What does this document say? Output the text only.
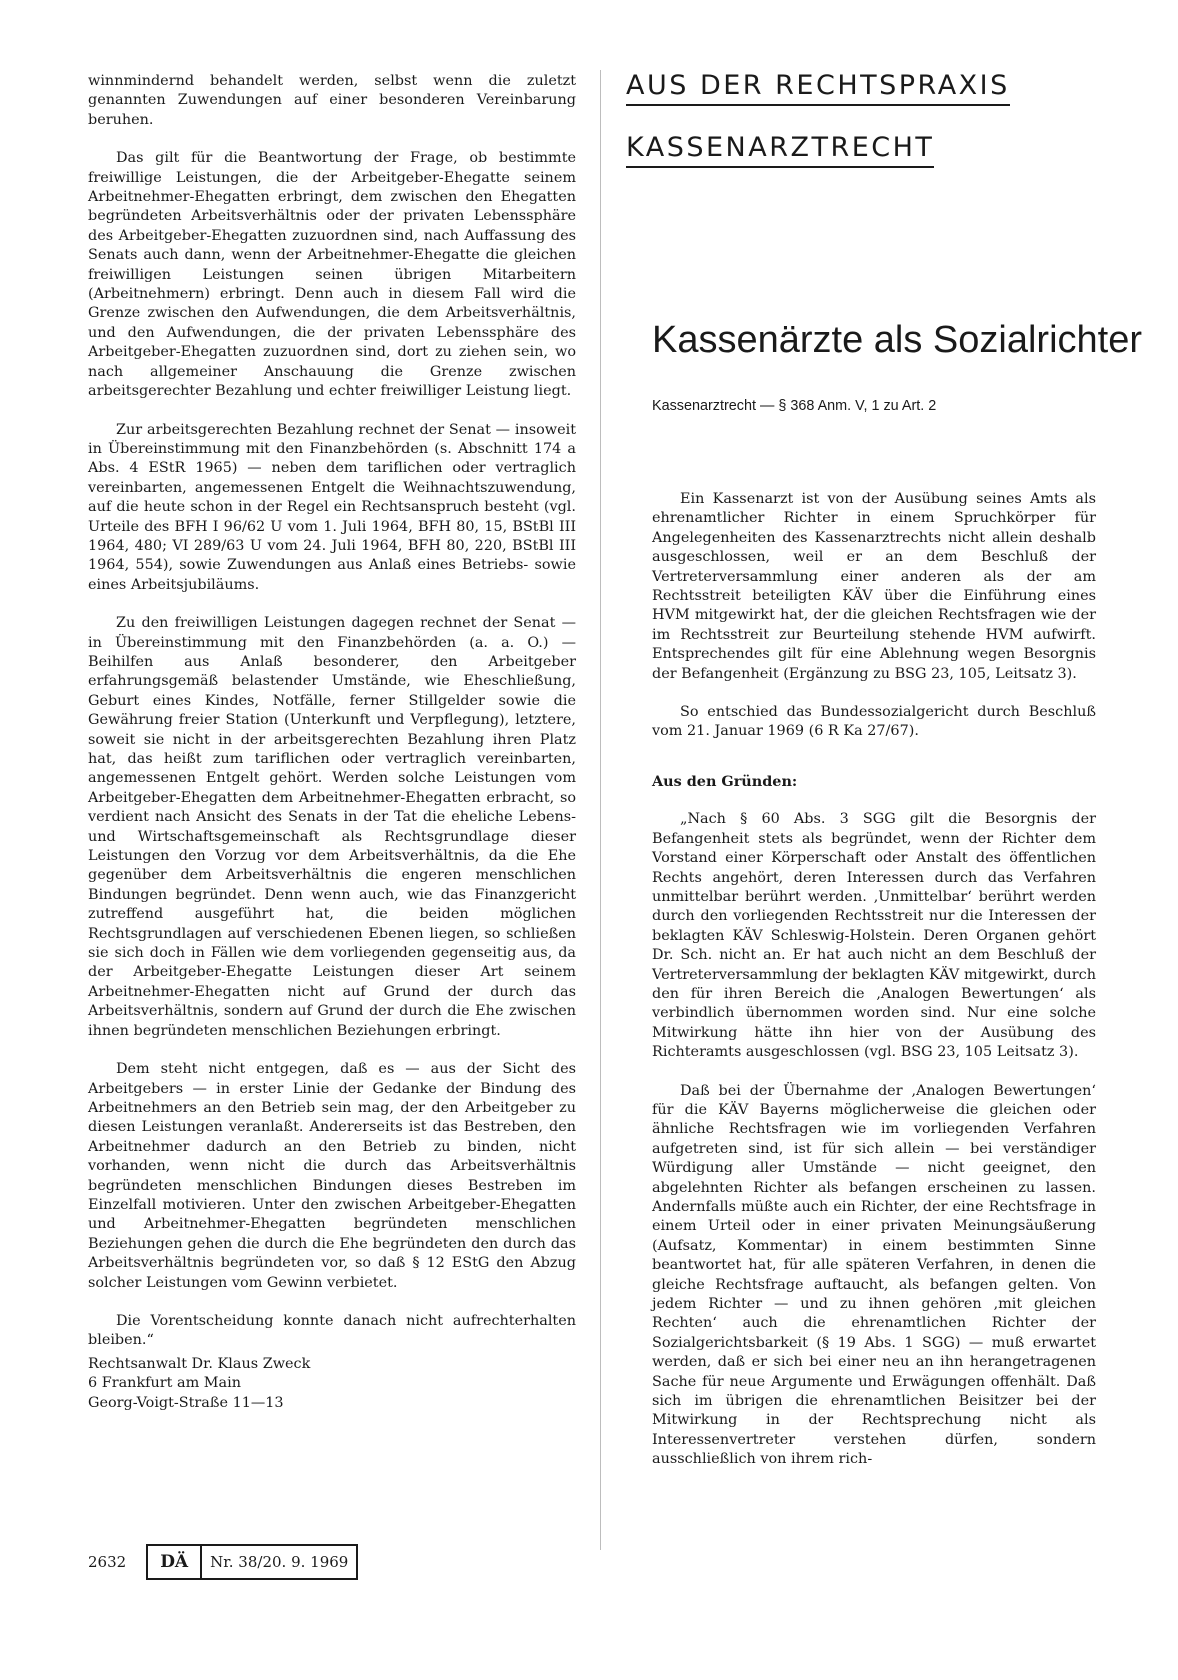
winnmindernd behandelt werden, selbst wenn die zuletzt genannten Zuwendungen auf einer besonderen Vereinbarung beruhen.

Das gilt für die Beantwortung der Frage, ob bestimmte freiwillige Leistungen, die der Arbeitgeber-Ehegatte seinem Arbeitnehmer-Ehegatten erbringt, dem zwischen den Ehegatten begründeten Arbeitsverhältnis oder der privaten Lebenssphäre des Arbeitgeber-Ehegatten zuzuordnen sind, nach Auffassung des Senats auch dann, wenn der Arbeitnehmer-Ehegatte die gleichen freiwilligen Leistungen seinen übrigen Mitarbeitern (Arbeitnehmern) erbringt. Denn auch in diesem Fall wird die Grenze zwischen den Aufwendungen, die dem Arbeitsverhältnis, und den Aufwendungen, die der privaten Lebenssphäre des Arbeitgeber-Ehegatten zuzuordnen sind, dort zu ziehen sein, wo nach allgemeiner Anschauung die Grenze zwischen arbeitsgerechter Bezahlung und echter freiwilliger Leistung liegt.

Zur arbeitsgerechten Bezahlung rechnet der Senat — insoweit in Übereinstimmung mit den Finanzbehörden (s. Abschnitt 174 a Abs. 4 EStR 1965) — neben dem tariflichen oder vertraglich vereinbarten, angemessenen Entgelt die Weihnachtszuwendung, auf die heute schon in der Regel ein Rechtsanspruch besteht (vgl. Urteile des BFH I 96/62 U vom 1. Juli 1964, BFH 80, 15, BStBl III 1964, 480; VI 289/63 U vom 24. Juli 1964, BFH 80, 220, BStBl III 1964, 554), sowie Zuwendungen aus Anlaß eines Betriebs- sowie eines Arbeitsjubiläums.

Zu den freiwilligen Leistungen dagegen rechnet der Senat — in Übereinstimmung mit den Finanzbehörden (a. a. O.) — Beihilfen aus Anlaß besonderer, den Arbeitgeber erfahrungsgemäß belastender Umstände, wie Eheschließung, Geburt eines Kindes, Notfälle, ferner Stillgelder sowie die Gewährung freier Station (Unterkunft und Verpflegung), letztere, soweit sie nicht in der arbeitsgerechten Bezahlung ihren Platz hat, das heißt zum tariflichen oder vertraglich vereinbarten, angemessenen Entgelt gehört. Werden solche Leistungen vom Arbeitgeber-Ehegatten dem Arbeitnehmer-Ehegatten erbracht, so verdient nach Ansicht des Senats in der Tat die eheliche Lebens- und Wirtschaftsgemeinschaft als Rechtsgrundlage dieser Leistungen den Vorzug vor dem Arbeitsverhältnis, da die Ehe gegenüber dem Arbeitsverhältnis die engeren menschlichen Bindungen begründet. Denn wenn auch, wie das Finanzgericht zutreffend ausgeführt hat, die beiden möglichen Rechtsgrundlagen auf verschiedenen Ebenen liegen, so schließen sie sich doch in Fällen wie dem vorliegenden gegenseitig aus, da der Arbeitgeber-Ehegatte Leistungen dieser Art seinem Arbeitnehmer-Ehegatten nicht auf Grund der durch das Arbeitsverhältnis, sondern auf Grund der durch die Ehe zwischen ihnen begründeten menschlichen Beziehungen erbringt.

Dem steht nicht entgegen, daß es — aus der Sicht des Arbeitgebers — in erster Linie der Gedanke der Bindung des Arbeitnehmers an den Betrieb sein mag, der den Arbeitgeber zu diesen Leistungen veranlaßt. Andererseits ist das Bestreben, den Arbeitnehmer dadurch an den Betrieb zu binden, nicht vorhanden, wenn nicht die durch das Arbeitsverhältnis begründeten menschlichen Bindungen dieses Bestreben im Einzelfall motivieren. Unter den zwischen Arbeitgeber-Ehegatten und Arbeitnehmer-Ehegatten begründeten menschlichen Beziehungen gehen die durch die Ehe begründeten den durch das Arbeitsverhältnis begründeten vor, so daß § 12 EStG den Abzug solcher Leistungen vom Gewinn verbietet.

Die Vorentscheidung konnte danach nicht aufrechterhalten bleiben.“

Rechtsanwalt Dr. Klaus Zweck
6 Frankfurt am Main
Georg-Voigt-Straße 11—13

AUS DER RECHTSPRAXIS
KASSENARZTRECHT
Kassenärzte als Sozialrichter

Kassenarztrecht — § 368 Anm. V, 1 zu Art. 2

Ein Kassenarzt ist von der Ausübung seines Amts als ehrenamtlicher Richter in einem Spruchkörper für Angelegenheiten des Kassenarztrechts nicht allein deshalb ausgeschlossen, weil er an dem Beschluß der Vertreterversammlung einer anderen als der am Rechtsstreit beteiligten KÄV über die Einführung eines HVM mitgewirkt hat, der die gleichen Rechtsfragen wie der im Rechtsstreit zur Beurteilung stehende HVM aufwirft. Entsprechendes gilt für eine Ablehnung wegen Besorgnis der Befangenheit (Ergänzung zu BSG 23, 105, Leitsatz 3).

So entschied das Bundessozialgericht durch Beschluß vom 21. Januar 1969 (6 R Ka 27/67).

Aus den Gründen:

„Nach § 60 Abs. 3 SGG gilt die Besorgnis der Befangenheit stets als begründet, wenn der Richter dem Vorstand einer Körperschaft oder Anstalt des öffentlichen Rechts angehört, deren Interessen durch das Verfahren unmittelbar berührt werden. ‚Unmittelbar‘ berührt werden durch den vorliegenden Rechtsstreit nur die Interessen der beklagten KÄV Schleswig-Holstein. Deren Organen gehört Dr. Sch. nicht an. Er hat auch nicht an dem Beschluß der Vertreterversammlung der beklagten KÄV mitgewirkt, durch den für ihren Bereich die ‚Analogen Bewertungen‘ als verbindlich übernommen worden sind. Nur eine solche Mitwirkung hätte ihn hier von der Ausübung des Richteramts ausgeschlossen (vgl. BSG 23, 105 Leitsatz 3).

Daß bei der Übernahme der ‚Analogen Bewertungen‘ für die KÄV Bayerns möglicherweise die gleichen oder ähnliche Rechtsfragen wie im vorliegenden Verfahren aufgetreten sind, ist für sich allein — bei verständiger Würdigung aller Umstände — nicht geeignet, den abgelehnten Richter als befangen erscheinen zu lassen. Andernfalls müßte auch ein Richter, der eine Rechtsfrage in einem Urteil oder in einer privaten Meinungsäußerung (Aufsatz, Kommentar) in einem bestimmten Sinne beantwortet hat, für alle späteren Verfahren, in denen die gleiche Rechtsfrage auftaucht, als befangen gelten. Von jedem Richter — und zu ihnen gehören ‚mit gleichen Rechten‘ auch die ehrenamtlichen Richter der Sozialgerichtsbarkeit (§ 19 Abs. 1 SGG) — muß erwartet werden, daß er sich bei einer neu an ihn herangetragenen Sache für neue Argumente und Erwägungen offenhält. Daß sich im übrigen die ehrenamtlichen Beisitzer bei der Mitwirkung in der Rechtsprechung nicht als Interessenvertreter verstehen dürfen, sondern ausschließlich von ihrem rich-

2632	DÄ	Nr. 38/20. 9. 1969
